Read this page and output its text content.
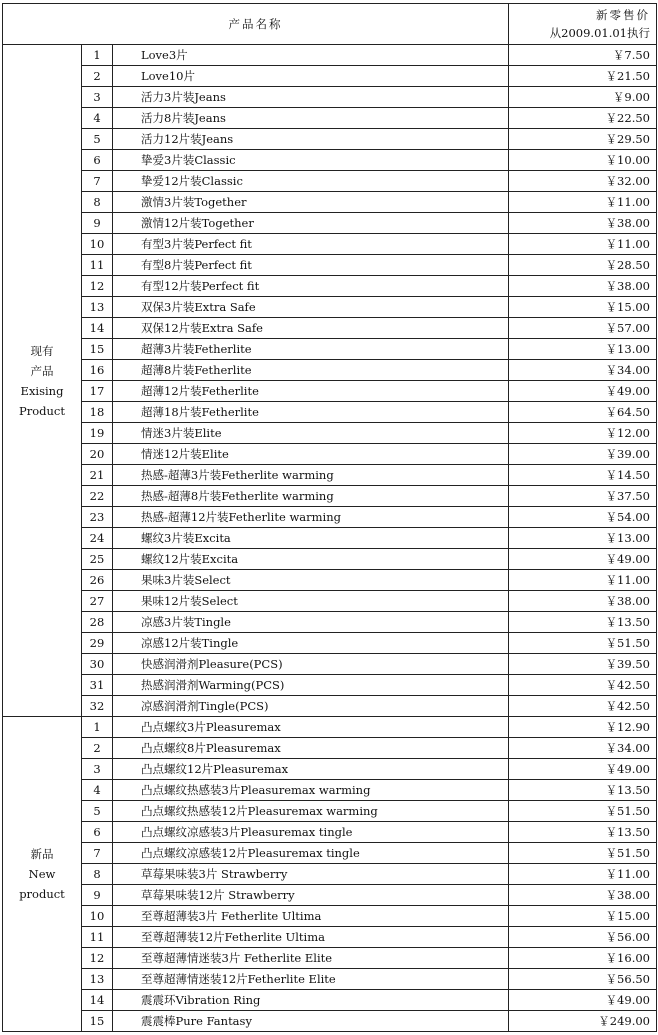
产品名称			新零售价
从2009.01.01执行

现有
产品
Exising
Product	1	Love3片	￥7.50
	2	Love10片	￥21.50
	3	活力3片装Jeans	￥9.00
	4	活力8片装Jeans	￥22.50
	5	活力12片装Jeans	￥29.50
	6	挚爱3片装Classic	￥10.00
	7	挚爱12片装Classic	￥32.00
	8	激情3片装Together	￥11.00
	9	激情12片装Together	￥38.00
	10	有型3片装Perfect fit	￥11.00
	11	有型8片装Perfect fit	￥28.50
	12	有型12片装Perfect fit	￥38.00
	13	双保3片装Extra Safe	￥15.00
	14	双保12片装Extra Safe	￥57.00
	15	超薄3片装Fetherlite	￥13.00
	16	超薄8片装Fetherlite	￥34.00
	17	超薄12片装Fetherlite	￥49.00
	18	超薄18片装Fetherlite	￥64.50
	19	情迷3片装Elite	￥12.00
	20	情迷12片装Elite	￥39.00
	21	热感-超薄3片装Fetherlite warming	￥14.50
	22	热感-超薄8片装Fetherlite warming	￥37.50
	23	热感-超薄12片装Fetherlite warming	￥54.00
	24	螺纹3片装Excita	￥13.00
	25	螺纹12片装Excita	￥49.00
	26	果味3片装Select	￥11.00
	27	果味12片装Select	￥38.00
	28	凉感3片装Tingle	￥13.50
	29	凉感12片装Tingle	￥51.50
	30	快感润滑剂Pleasure(PCS)	￥39.50
	31	热感润滑剂Warming(PCS)	￥42.50
	32	凉感润滑剂Tingle(PCS)	￥42.50

新品
New
product	1	凸点螺纹3片Pleasuremax	￥12.90
	2	凸点螺纹8片Pleasuremax	￥34.00
	3	凸点螺纹12片Pleasuremax	￥49.00
	4	凸点螺纹热感装3片Pleasuremax warming	￥13.50
	5	凸点螺纹热感装12片Pleasuremax warming	￥51.50
	6	凸点螺纹凉感装3片Pleasuremax tingle	￥13.50
	7	凸点螺纹凉感装12片Pleasuremax tingle	￥51.50
	8	草莓果味装3片 Strawberry	￥11.00
	9	草莓果味装12片 Strawberry	￥38.00
	10	至尊超薄装3片 Fetherlite Ultima	￥15.00
	11	至尊超薄装12片Fetherlite Ultima	￥56.00
	12	至尊超薄情迷装3片 Fetherlite Elite	￥16.00
	13	至尊超薄情迷装12片Fetherlite Elite	￥56.50
	14	震震环Vibration Ring	￥49.00
	15	震震棒Pure Fantasy	￥249.00
